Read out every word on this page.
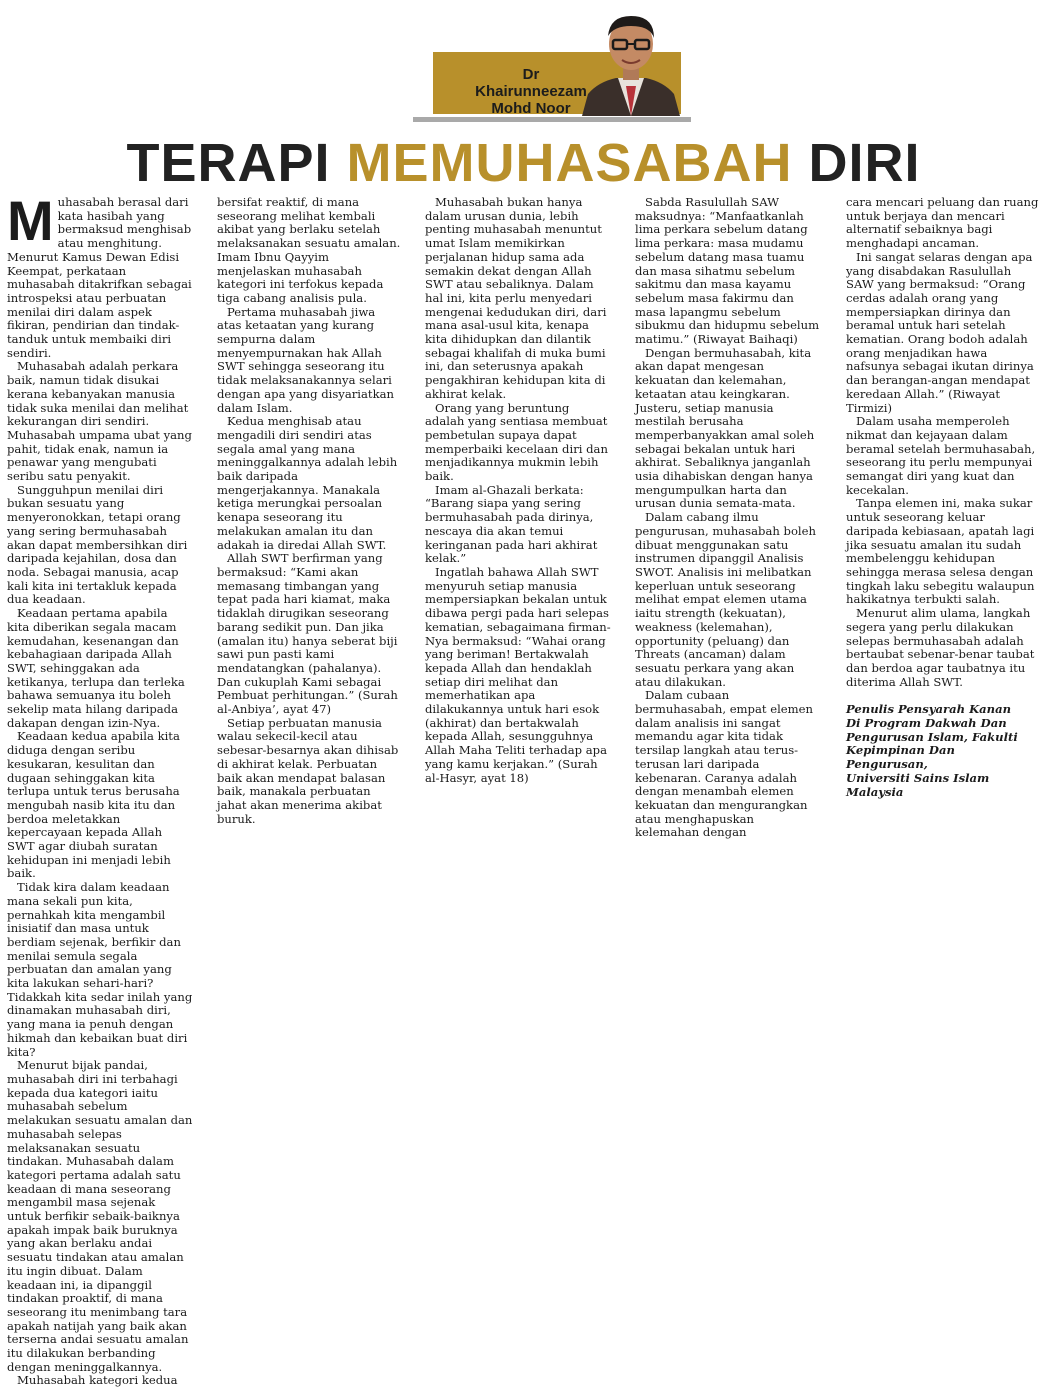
Dr Khairunneezam
Mohd Noor
TERAPI MEMUHASABAH DIRI
M uhasabah berasal dari kata hasibah yang bermaksud menghisab atau menghitung. Menurut Kamus Dewan Edisi Keempat, perkataan muhasabah ditakrifkan sebagai introspeksi atau perbuatan menilai diri dalam aspek fikiran, pendirian dan tindak-tanduk untuk membaiki diri sendiri.

Muhasabah adalah perkara baik, namun tidak disukai kerana kebanyakan manusia tidak suka menilai dan melihat kekurangan diri sendiri. Muhasabah umpama ubat yang pahit, tidak enak, namun ia penawar yang mengubati seribu satu penyakit.

Sungguhpun menilai diri bukan sesuatu yang menyeronokkan, tetapi orang yang sering bermuhasabah akan dapat membersihkan diri daripada kejahilan, dosa dan noda. Sebagai manusia, acap kali kita ini tertakluk kepada dua keadaan.

Keadaan pertama apabila kita diberikan segala macam kemudahan, kesenangan dan kebahagiaan daripada Allah SWT, sehinggakan ada ketikanya, terlupa dan terleka bahawa semuanya itu boleh sekelip mata hilang daripada dakapan dengan izin-Nya.

Keadaan kedua apabila kita diduga dengan seribu kesukaran, kesulitan dan dugaan sehinggakan kita terlupa untuk terus berusaha mengubah nasib kita itu dan berdoa meletakkan kepercayaan kepada Allah SWT agar diubah suratan kehidupan ini menjadi lebih baik.

Tidak kira dalam keadaan mana sekali pun kita, pernahkah kita mengambil inisiatif dan masa untuk berdiam sejenak, berfikir dan menilai semula segala perbuatan dan amalan yang kita lakukan sehari-hari? Tidakkah kita sedar inilah yang dinamakan muhasabah diri, yang mana ia penuh dengan hikmah dan kebaikan buat diri kita?

Menurut bijak pandai, muhasabah diri ini terbahagi kepada dua kategori iaitu muhasabah sebelum melakukan sesuatu amalan dan muhasabah selepas melaksanakan sesuatu tindakan. Muhasabah dalam kategori pertama adalah satu keadaan di mana seseorang mengambil masa sejenak untuk berfikir sebaik-baiknya apakah impak baik buruknya yang akan berlaku andai sesuatu tindakan atau amalan itu ingin dibuat. Dalam keadaan ini, ia dipanggil tindakan proaktif, di mana seseorang itu menimbang tara apakah natijah yang baik akan terserna andai sesuatu amalan itu dilakukan berbanding dengan meninggalkannya.

Muhasabah kategori kedua

bersifat reaktif, di mana seseorang melihat kembali akibat yang berlaku setelah melaksanakan sesuatu amalan. Imam Ibnu Qayyim menjelaskan muhasabah kategori ini terfokus kepada tiga cabang analisis pula.

Pertama muhasabah jiwa atas ketaatan yang kurang sempurna dalam menyempurnakan hak Allah SWT sehingga seseorang itu tidak melaksanakannya selari dengan apa yang disyariatkan dalam Islam.

Kedua menghisab atau mengadili diri sendiri atas segala amal yang mana meninggalkannya adalah lebih baik daripada mengerjakannya. Manakala ketiga merungkai persoalan kenapa seseorang itu melakukan amalan itu dan adakah ia diredai Allah SWT.

Allah SWT berfirman yang bermaksud: “Kami akan memasang timbangan yang tepat pada hari kiamat, maka tidaklah dirugikan seseorang barang sedikit pun. Dan jika (amalan itu) hanya seberat biji sawi pun pasti kami mendatangkan (pahalanya). Dan cukuplah Kami sebagai Pembuat perhitungan.” (Surah al-Anbiya’, ayat 47)

Setiap perbuatan manusia walau sekecil-kecil atau sebesar-besarnya akan dihisab di akhirat kelak. Perbuatan baik akan mendapat balasan baik, manakala perbuatan jahat akan menerima akibat buruk.

Muhasabah bukan hanya dalam urusan dunia, lebih penting muhasabah menuntut umat Islam memikirkan perjalanan hidup sama ada semakin dekat dengan Allah SWT atau sebaliknya. Dalam hal ini, kita perlu menyedari mengenai kedudukan diri, dari mana asal-usul kita, kenapa kita dihidupkan dan dilantik sebagai khalifah di muka bumi ini, dan seterusnya apakah pengakhiran kehidupan kita di akhirat kelak.

Orang yang beruntung adalah yang sentiasa membuat pembetulan supaya dapat memperbaiki kecelaan diri dan menjadikannya mukmin lebih baik.

Imam al-Ghazali berkata: “Barang siapa yang sering bermuhasabah pada dirinya, nescaya dia akan temui keringanan pada hari akhirat kelak.”

Ingatlah bahawa Allah SWT menyuruh setiap manusia mempersiapkan bekalan untuk dibawa pergi pada hari selepas kematian, sebagaimana firman-Nya bermaksud: “Wahai orang yang beriman! Bertakwalah kepada Allah dan hendaklah setiap diri melihat dan memerhatikan apa dilakukannya untuk hari esok (akhirat) dan bertakwalah kepada Allah, sesungguhnya Allah Maha Teliti terhadap apa yang kamu kerjakan.” (Surah al-Hasyr, ayat 18)

Sabda Rasulullah SAW maksudnya: “Manfaatkanlah lima perkara sebelum datang lima perkara: masa mudamu sebelum datang masa tuamu dan masa sihatmu sebelum sakitmu dan masa kayamu sebelum masa fakirmu dan masa lapangmu sebelum sibukmu dan hidupmu sebelum matimu.” (Riwayat Baihaqi)

Dengan bermuhasabah, kita akan dapat mengesan kekuatan dan kelemahan, ketaatan atau keingkaran. Justeru, setiap manusia mestilah berusaha memperbanyakkan amal soleh sebagai bekalan untuk hari akhirat. Sebaliknya janganlah usia dihabiskan dengan hanya mengumpulkan harta dan urusan dunia semata-mata.

Dalam cabang ilmu pengurusan, muhasabah boleh dibuat menggunakan satu instrumen dipanggil Analisis SWOT. Analisis ini melibatkan keperluan untuk seseorang melihat empat elemen utama iaitu strength (kekuatan), weakness (kelemahan), opportunity (peluang) dan Threats (ancaman) dalam sesuatu perkara yang akan atau dilakukan.

Dalam cubaan bermuhasabah, empat elemen dalam analisis ini sangat memandu agar kita tidak tersilap langkah atau terus-terusan lari daripada kebenaran. Caranya adalah dengan menambah elemen kekuatan dan mengurangkan atau menghapuskan kelemahan dengan

cara mencari peluang dan ruang untuk berjaya dan mencari alternatif sebaiknya bagi menghadapi ancaman.

Ini sangat selaras dengan apa yang disabdakan Rasulullah SAW yang bermaksud: “Orang cerdas adalah orang yang mempersiapkan dirinya dan beramal untuk hari setelah kematian. Orang bodoh adalah orang menjadikan hawa nafsunya sebagai ikutan dirinya dan berangan-angan mendapat keredaan Allah.” (Riwayat Tirmizi)

Dalam usaha memperoleh nikmat dan kejayaan dalam beramal setelah bermuhasabah, seseorang itu perlu mempunyai semangat diri yang kuat dan kecekalan.

Tanpa elemen ini, maka sukar untuk seseorang keluar daripada kebiasaan, apatah lagi jika sesuatu amalan itu sudah membelenggu kehidupan sehingga merasa selesa dengan tingkah laku sebegitu walaupun hakikatnya terbukti salah.

Menurut alim ulama, langkah segera yang perlu dilakukan selepas bermuhasabah adalah bertaubat sebenar-benar taubat dan berdoa agar taubatnya itu diterima Allah SWT.

Penulis Pensyarah Kanan
Di Program Dakwah Dan
Pengurusan Islam, Fakulti
Kepimpinan Dan Pengurusan,
Universiti Sains Islam Malaysia
